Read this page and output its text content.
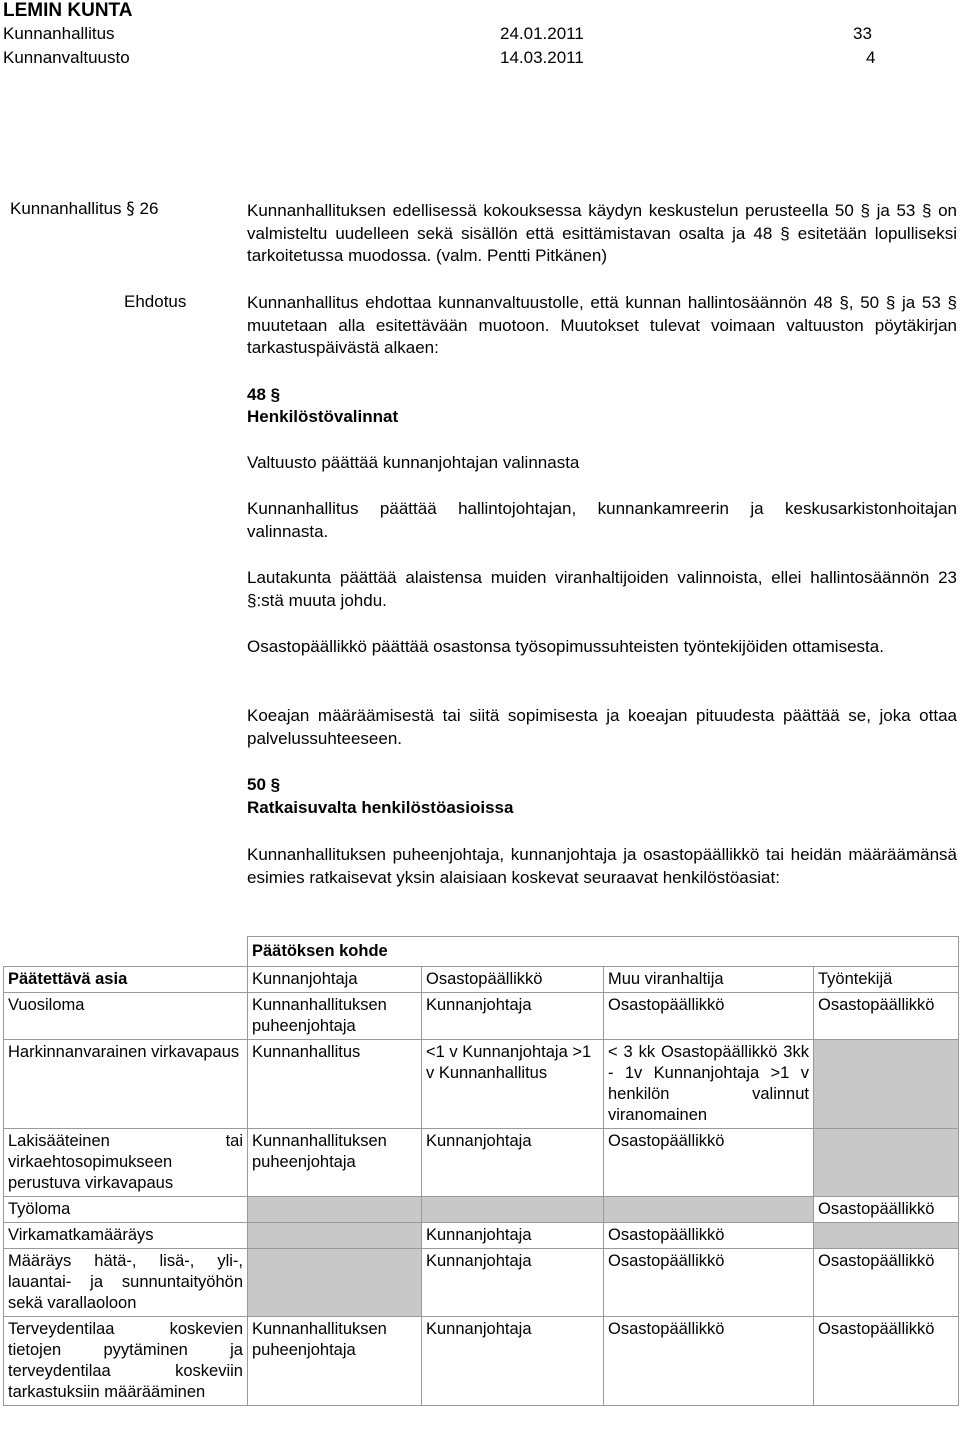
LEMIN KUNTA
Kunnanhallitus	24.01.2011	33
Kunnanvaltuusto	14.03.2011	4
Kunnanhallitus § 26	Kunnanhallituksen edellisessä kokouksessa käydyn keskustelun perusteella 50 § ja 53 § on valmisteltu uudelleen sekä sisällön että esittämistavan osalta ja 48 § esitetään lopulliseksi tarkoitetussa muodossa. (valm. Pentti Pitkänen)
Ehdotus	Kunnanhallitus ehdottaa kunnanvaltuustolle, että kunnan hallintosäännön 48 §, 50 § ja 53 § muutetaan alla esitettävään muotoon. Muutokset tulevat voimaan valtuuston pöytäkirjan tarkastuspäivästä alkaen:
48 §
Henkilöstövalinnat
Valtuusto päättää kunnanjohtajan valinnasta
Kunnanhallitus päättää hallintojohtajan, kunnankamreerin ja keskusarkistonhoitajan valinnasta.
Lautakunta päättää alaistensa muiden viranhaltijoiden valinnoista, ellei hallintosäännön 23 §:stä muuta johdu.
Osastopäällikkö päättää osastonsa työsopimussuhteisten työntekijöiden ottamisesta.
Koeajan määräämisestä tai siitä sopimisesta ja koeajan pituudesta päättää se, joka ottaa palvelussuhteeseen.
50 §
Ratkaisuvalta henkilöstöasioissa
Kunnanhallituksen puheenjohtaja, kunnanjohtaja ja osastopäällikkö tai heidän määräämänsä esimies ratkaisevat yksin alaisiaan koskevat seuraavat henkilöstöasiat:
	Päätöksen kohde			
Päätettävä asia	Kunnanjohtaja	Osastopäällikkö	Muu viranhaltija	Työntekijä
Vuosiloma	Kunnanhallituksen puheenjohtaja	Kunnanjohtaja	Osastopäällikkö	Osastopäällikkö
Harkinnanvarainen virkavapaus	Kunnanhallitus	<1 v Kunnanjohtaja >1 v Kunnanhallitus	< 3 kk Osastopäällikkö 3kk - 1v Kunnanjohtaja >1 v henkilön valinnut viranomainen	
Lakisääteinen tai virkaehtosopimukseen perustuva virkavapaus	Kunnanhallituksen puheenjohtaja	Kunnanjohtaja	Osastopäällikkö	
Työloma				Osastopäällikkö
Virkamatkamääräys		Kunnanjohtaja	Osastopäällikkö	
Määräys hätä-, lisä-, yli-, lauantai- ja sunnuntaityöhön sekä varallaoloon		Kunnanjohtaja	Osastopäällikkö	Osastopäällikkö
Terveydentilaa koskevien tietojen pyytäminen ja terveydentilaa koskeviin tarkastuksiin määrääminen	Kunnanhallituksen puheenjohtaja	Kunnanjohtaja	Osastopäällikkö	Osastopäällikkö
